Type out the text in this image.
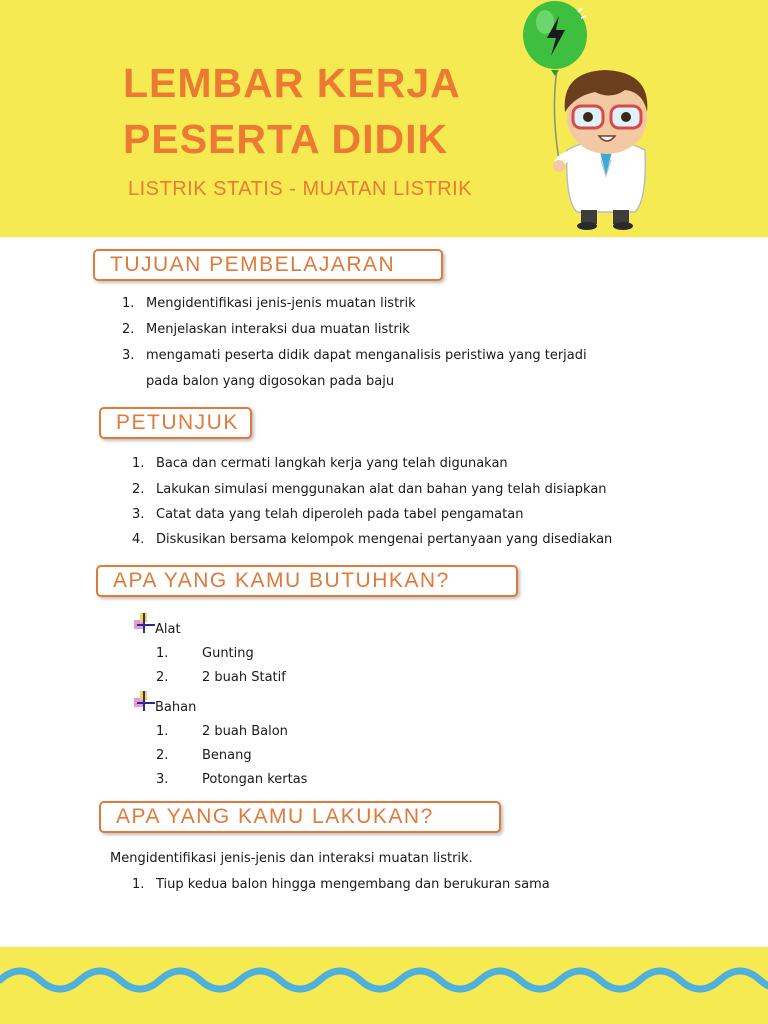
LEMBAR KERJA
PESERTA DIDIK

LISTRIK STATIS - MUATAN LISTRIK

TUJUAN PEMBELAJARAN

1. Mengidentifikasi jenis-jenis muatan listrik

2. Menjelaskan interaksi dua muatan listrik

3. mengamati peserta didik dapat menganalisis peristiwa yang terjadi

pada balon yang digosokan pada baju

PETUNJUK

1. Baca dan cermati langkah kerja yang telah digunakan

2. Lakukan simulasi menggunakan alat dan bahan yang telah disiapkan

3. Catat data yang telah diperoleh pada tabel pengamatan

4. Diskusikan bersama kelompok mengenai pertanyaan yang disediakan

APA YANG KAMU BUTUHKAN?

Alat

1.	Gunting

2.	2 buah Statif

Bahan

1.	2 buah Balon

2.	Benang

3.	Potongan kertas

APA YANG KAMU LAKUKAN?

Mengidentifikasi jenis-jenis dan interaksi muatan listrik.

1. Tiup kedua balon hingga mengembang dan berukuran sama
